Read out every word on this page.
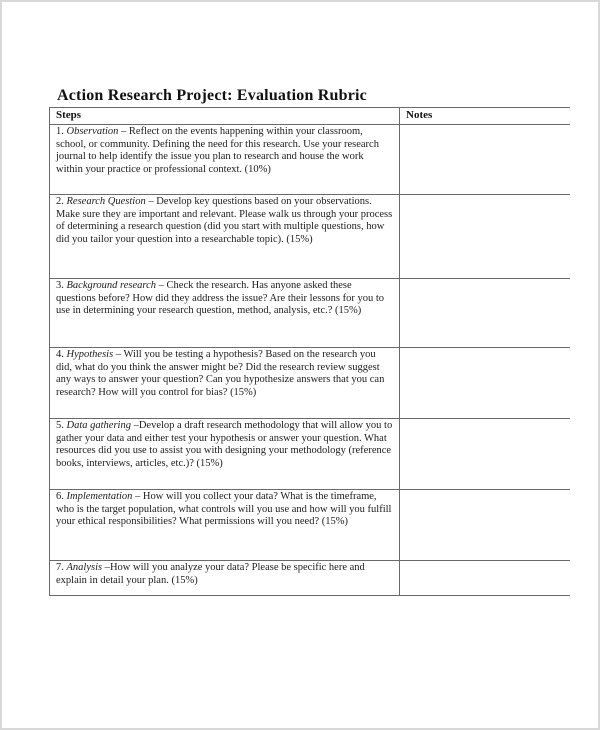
Action Research Project: Evaluation Rubric
Steps	Notes

1. Observation – Reflect on the events happening within your classroom, school, or community. Defining the need for this research. Use your research journal to help identify the issue you plan to research and house the work within your practice or professional context. (10%)	

2. Research Question – Develop key questions based on your observations. Make sure they are important and relevant. Please walk us through your process of determining a research question (did you start with multiple questions, how did you tailor your question into a researchable topic). (15%)	

3. Background research – Check the research. Has anyone asked these questions before? How did they address the issue? Are their lessons for you to use in determining your research question, method, analysis, etc.? (15%)	

4. Hypothesis – Will you be testing a hypothesis? Based on the research you did, what do you think the answer might be? Did the research review suggest any ways to answer your question? Can you hypothesize answers that you can research? How will you control for bias? (15%)	

5. Data gathering –Develop a draft research methodology that will allow you to gather your data and either test your hypothesis or answer your question. What resources did you use to assist you with designing your methodology (reference books, interviews, articles, etc.)? (15%)	

6. Implementation – How will you collect your data? What is the timeframe, who is the target population, what controls will you use and how will you fulfill your ethical responsibilities? What permissions will you need? (15%)	

7. Analysis –How will you analyze your data? Please be specific here and explain in detail your plan. (15%)	
